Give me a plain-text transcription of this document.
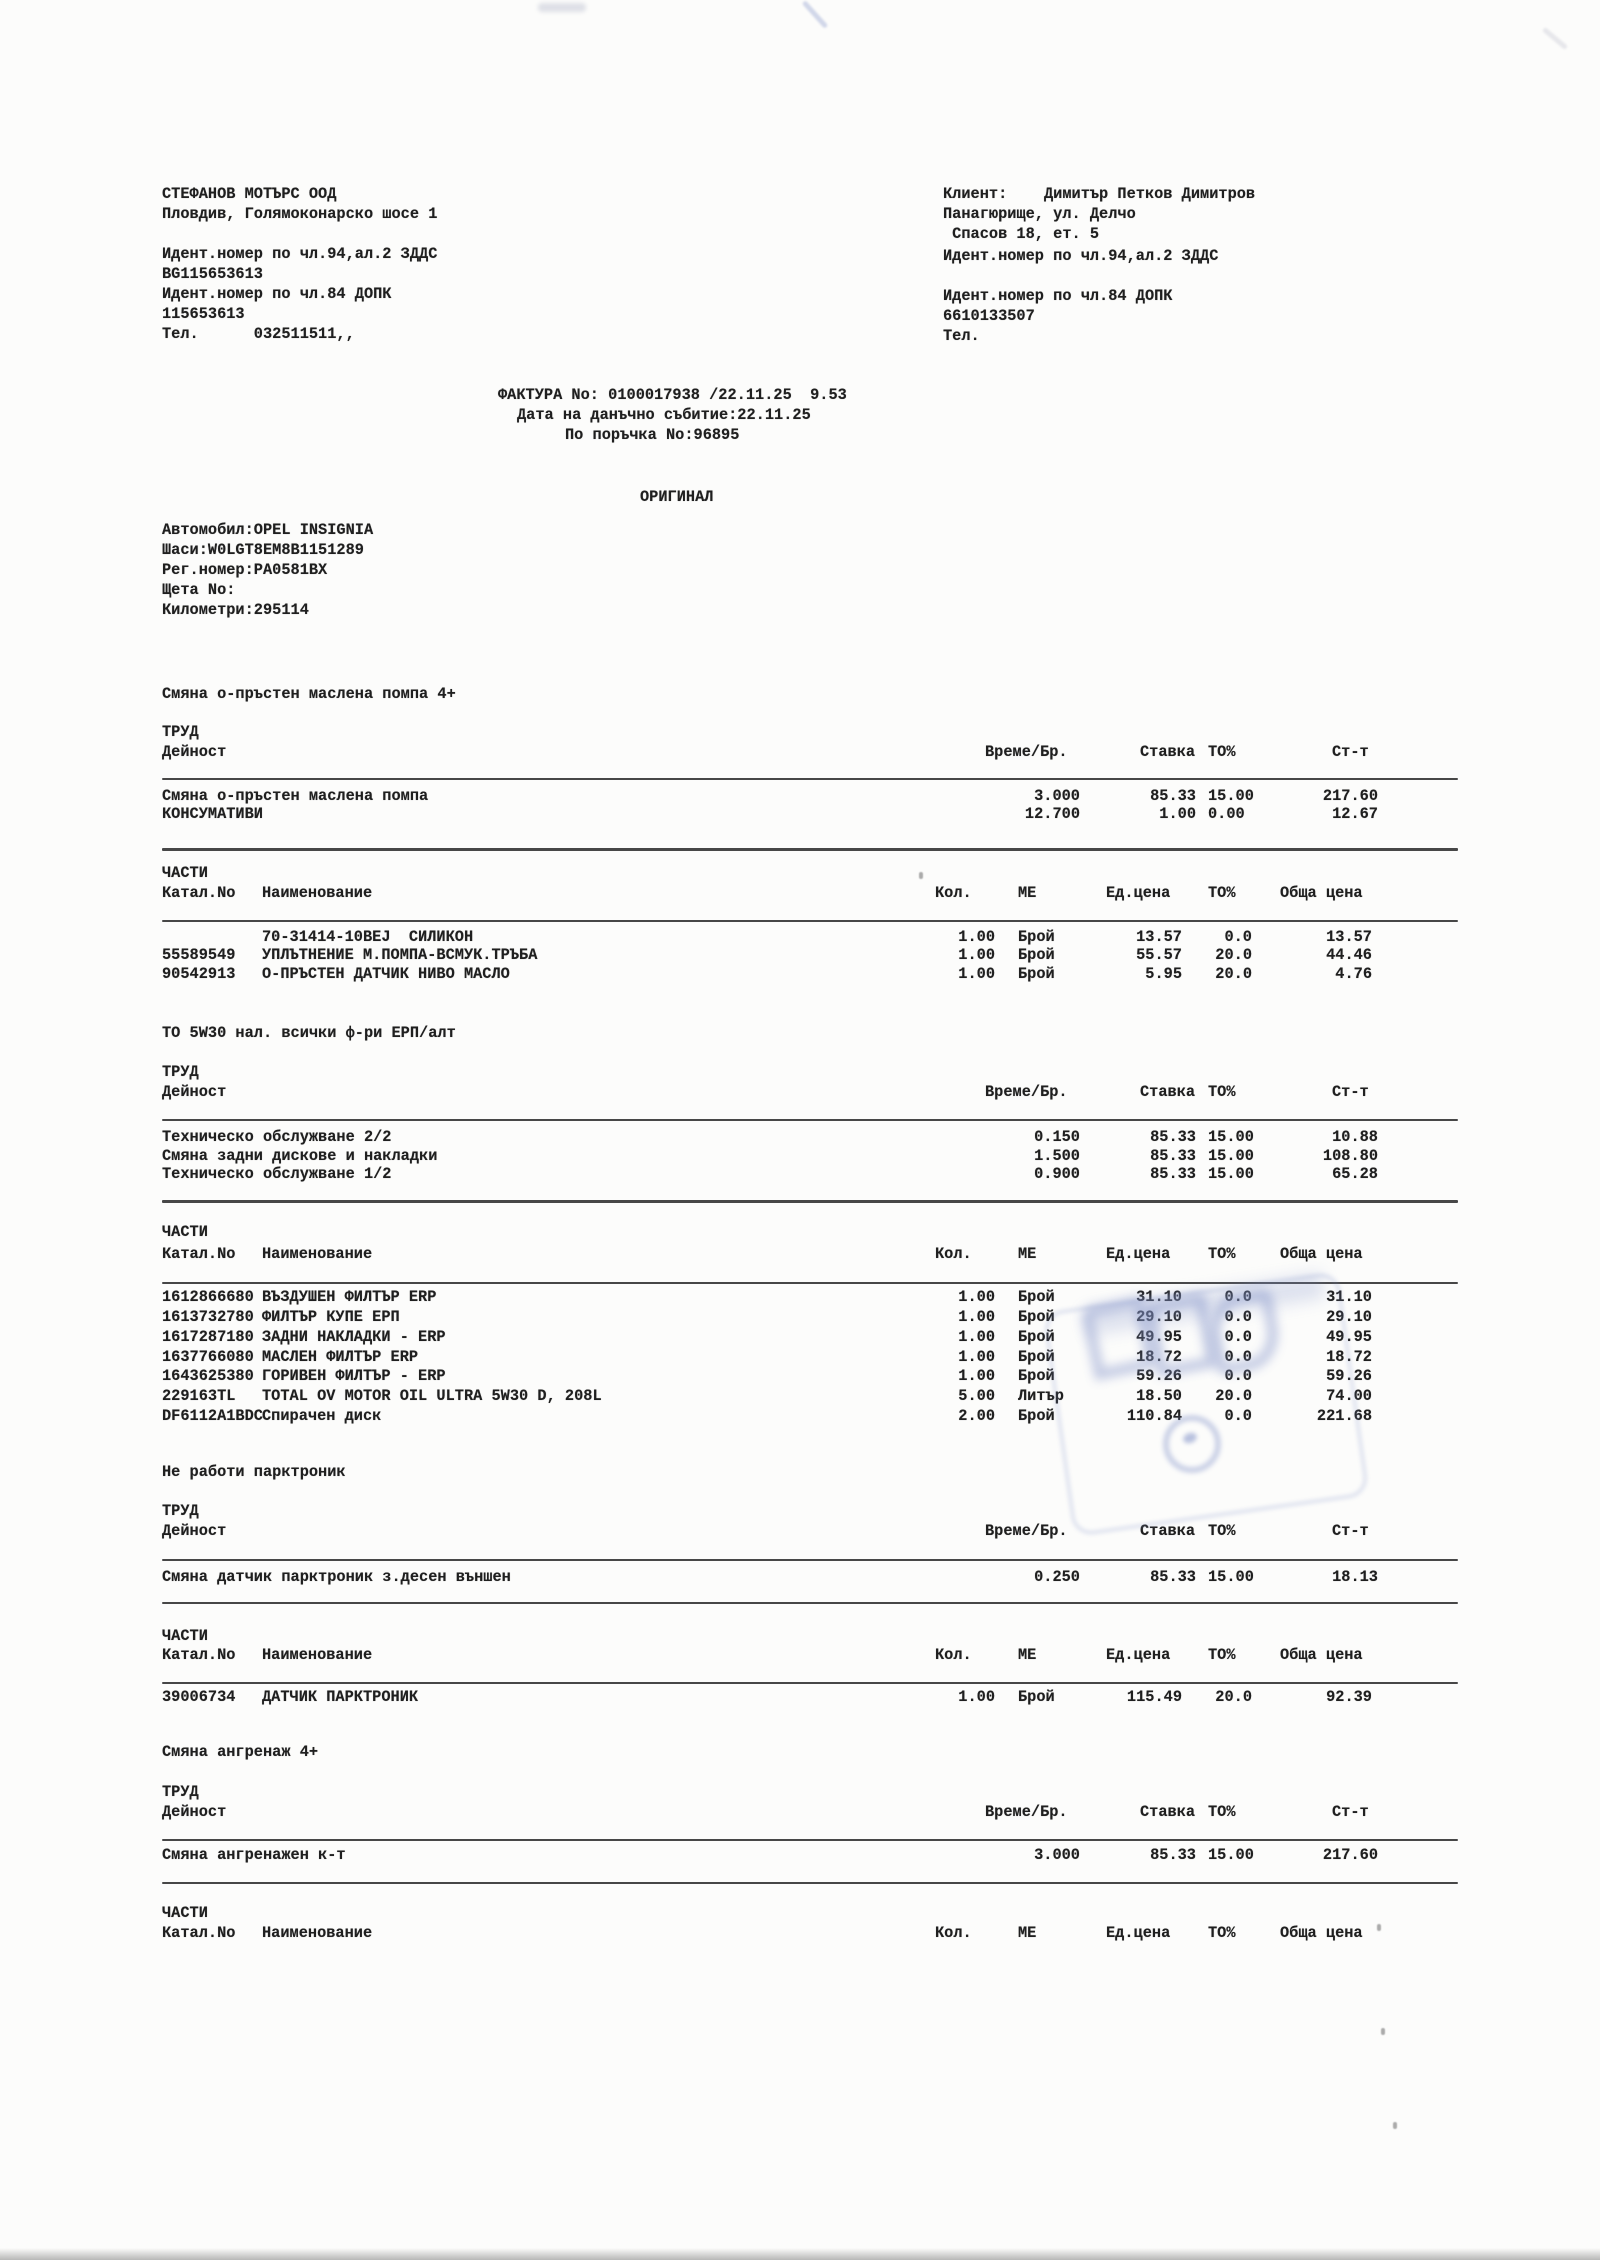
СТЕФАНОВ МОТЪРС ООД
Пловдив, Голямоконарско шосе 1
Идент.номер по чл.94,ал.2 ЗДДС
BG115653613
Идент.номер по чл.84 ДОПК
115653613
Тел.      032511511,,
Клиент:    Димитър Петков Димитров
Панагюрище, ул. Делчо
Спасов 18, ет. 5
Идент.номер по чл.94,ал.2 ЗДДС
Идент.номер по чл.84 ДОПК
6610133507
Тел.
ФАКТУРА No: 0100017938 /22.11.25  9.53
Дата на данъчно събитие:22.11.25
По поръчка No:96895
ОРИГИНАЛ
Автомобил:OPEL INSIGNIA
Шаси:W0LGT8EM8B1151289
Рег.номер:PA0581BX
Щета No:
Километри:295114
Смяна о-пръстен маслена помпа 4+
ТРУД
Дейност	Време/Бр.	Ставка ТО%	Ст-т
Смяна о-пръстен маслена помпа	3.000	85.33 15.00	217.60
КОНСУМАТИВИ	12.700	1.00 0.00	12.67
ЧАСТИ
Катал.No Наименование	Кол.	МЕ	Ед.цена ТО%	Обща цена
70-31414-10BEJ  СИЛИКОН	1.00 Брой	13.57	0.0	13.57
55589549 УПЛЪТНЕНИЕ М.ПОМПА-ВСМУК.ТРЪБА	1.00 Брой	55.57	20.0	44.46
90542913 О-ПРЪСТЕН ДАТЧИК НИВО МАСЛО	1.00 Брой	5.95	20.0	4.76
ТО 5W30 нал. всички ф-ри ЕРП/алт
ТРУД
Дейност	Време/Бр.	Ставка ТО%	Ст-т
Техническо обслужване 2/2	0.150	85.33 15.00	10.88
Смяна задни дискове и накладки	1.500	85.33 15.00	108.80
Техническо обслужване 1/2	0.900	85.33 15.00	65.28
ЧАСТИ
Катал.No Наименование	Кол.	МЕ	Ед.цена ТО%	Обща цена
1612866680 ВЪЗДУШЕН ФИЛТЪР ERP	1.00 Брой	31.10	0.0	31.10
1613732780 ФИЛТЪР КУПЕ ЕРП	1.00 Брой	29.10	0.0	29.10
1617287180 ЗАДНИ НАКЛАДКИ - ERP	1.00 Брой	49.95	0.0	49.95
1637766080 МАСЛЕН ФИЛТЪР ERP	1.00 Брой	18.72	0.0	18.72
1643625380 ГОРИВЕН ФИЛТЪР - ERP	1.00 Брой	59.26	0.0	59.26
229163TL TOTAL OV MOTOR OIL ULTRA 5W30 D, 208L	5.00 Литър	18.50	20.0	74.00
DF6112A1BDC Спирачен диск	2.00 Брой	110.84	0.0	221.68
Не работи парктроник
ТРУД
Дейност	Време/Бр.	Ставка ТО%	Ст-т
Смяна датчик парктроник з.десен външен	0.250	85.33 15.00	18.13
ЧАСТИ
Катал.No Наименование	Кол.	МЕ	Ед.цена ТО%	Обща цена
39006734 ДАТЧИК ПАРКТРОНИК	1.00 Брой	115.49	20.0	92.39
Смяна ангренаж 4+
ТРУД
Дейност	Време/Бр.	Ставка ТО%	Ст-т
Смяна ангренажен к-т	3.000	85.33 15.00	217.60
ЧАСТИ
Катал.No Наименование	Кол.	МЕ	Ед.цена ТО%	Обща цена
